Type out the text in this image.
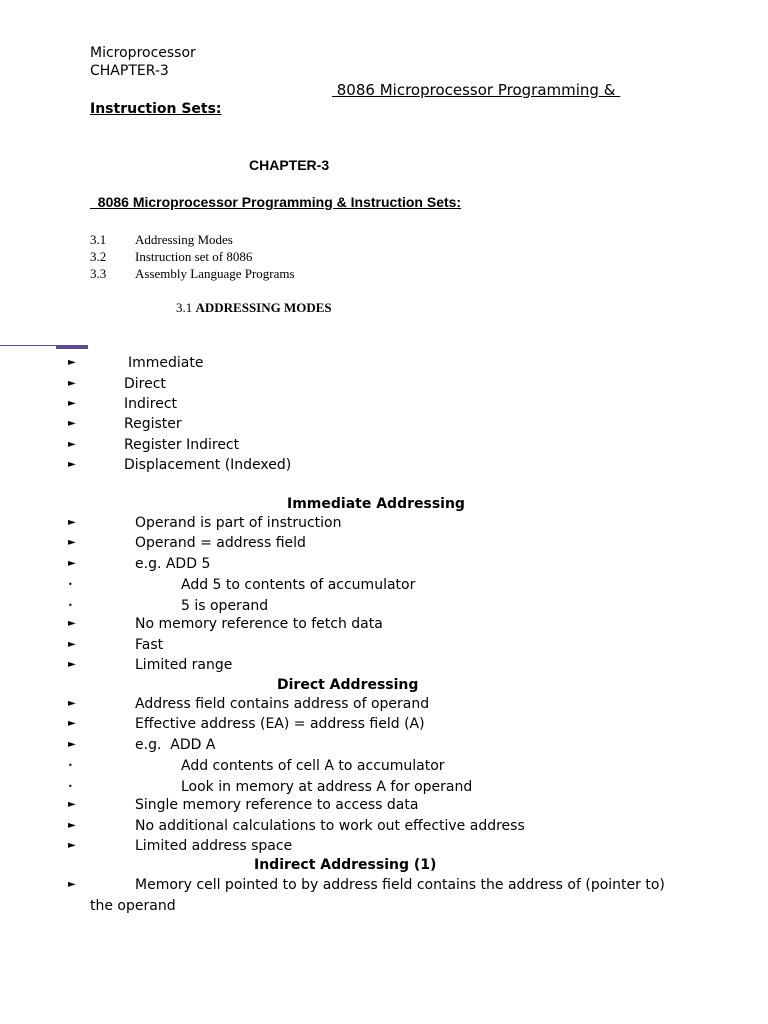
Microprocessor
CHAPTER-3
8086 Microprocessor Programming &
Instruction Sets:
CHAPTER-3
8086 Microprocessor Programming & Instruction Sets:
3.1 Addressing Modes
3.2 Instruction set of 8086
3.3 Assembly Language Programs
3.1 ADDRESSING MODES
►	Immediate
►	Direct
►	Indirect
►	Register
►	Register Indirect
►	Displacement (Indexed)
Immediate Addressing
►	Operand is part of instruction
►	Operand = address field
►	e.g. ADD 5
•	Add 5 to contents of accumulator
•	5 is operand
►	No memory reference to fetch data
►	Fast
►	Limited range
Direct Addressing
►	Address field contains address of operand
►	Effective address (EA) = address field (A)
►	e.g.  ADD A
•	Add contents of cell A to accumulator
•	Look in memory at address A for operand
►	Single memory reference to access data
►	No additional calculations to work out effective address
►	Limited address space
Indirect Addressing (1)
►	Memory cell pointed to by address field contains the address of (pointer to)
the operand
